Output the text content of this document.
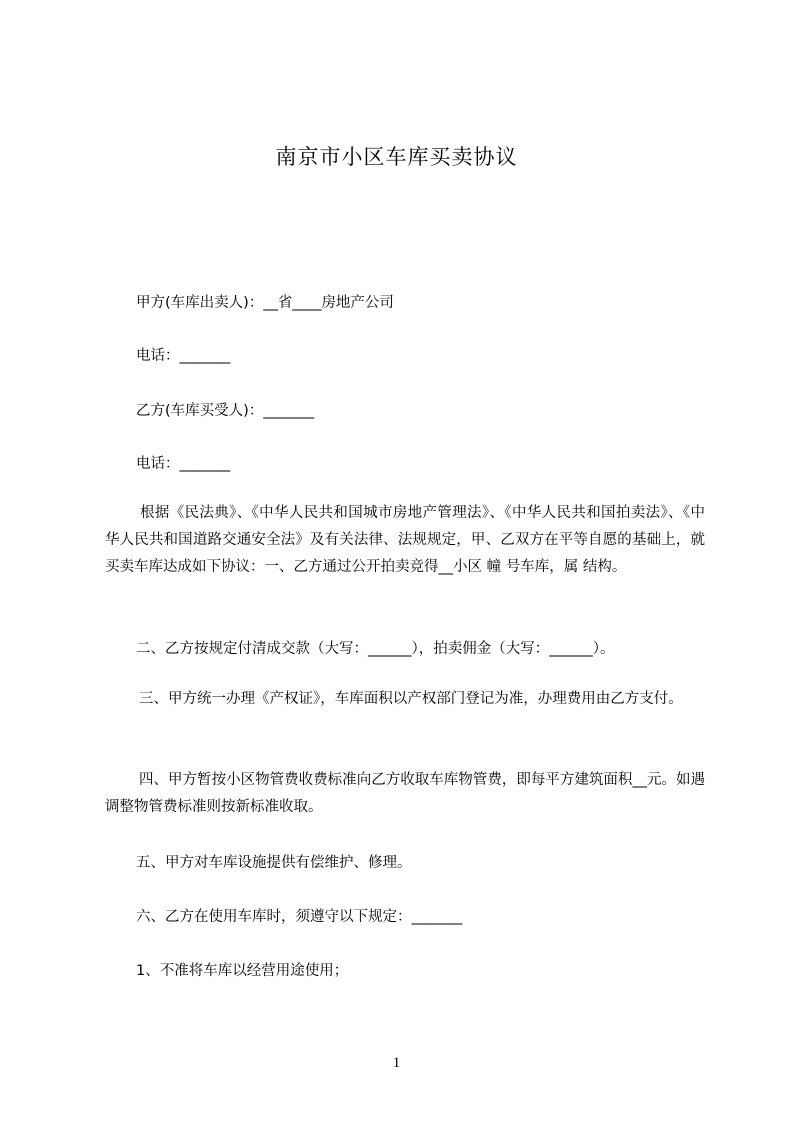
南京市小区车库买卖协议
甲方(车库出卖人)：__省____房地产公司
电话：_______
乙方(车库买受人)：_______
电话：_______
根据《民法典》、《中华人民共和国城市房地产管理法》、《中华人民共和国拍卖法》、《中华人民共和国道路交通安全法》及有关法律、法规规定，甲、乙双方在平等自愿的基础上，就买卖车库达成如下协议：一、乙方通过公开拍卖竞得__小区 幢 号车库，属 结构。
二、乙方按规定付清成交款（大写：______），拍卖佣金（大写：______）。
三、甲方统一办理《产权证》，车库面积以产权部门登记为准，办理费用由乙方支付。
四、甲方暂按小区物管费收费标准向乙方收取车库物管费，即每平方建筑面积__元。如遇调整物管费标准则按新标准收取。
五、甲方对车库设施提供有偿维护、修理。
六、乙方在使用车库时，须遵守以下规定：_______
1、不准将车库以经营用途使用；
1
